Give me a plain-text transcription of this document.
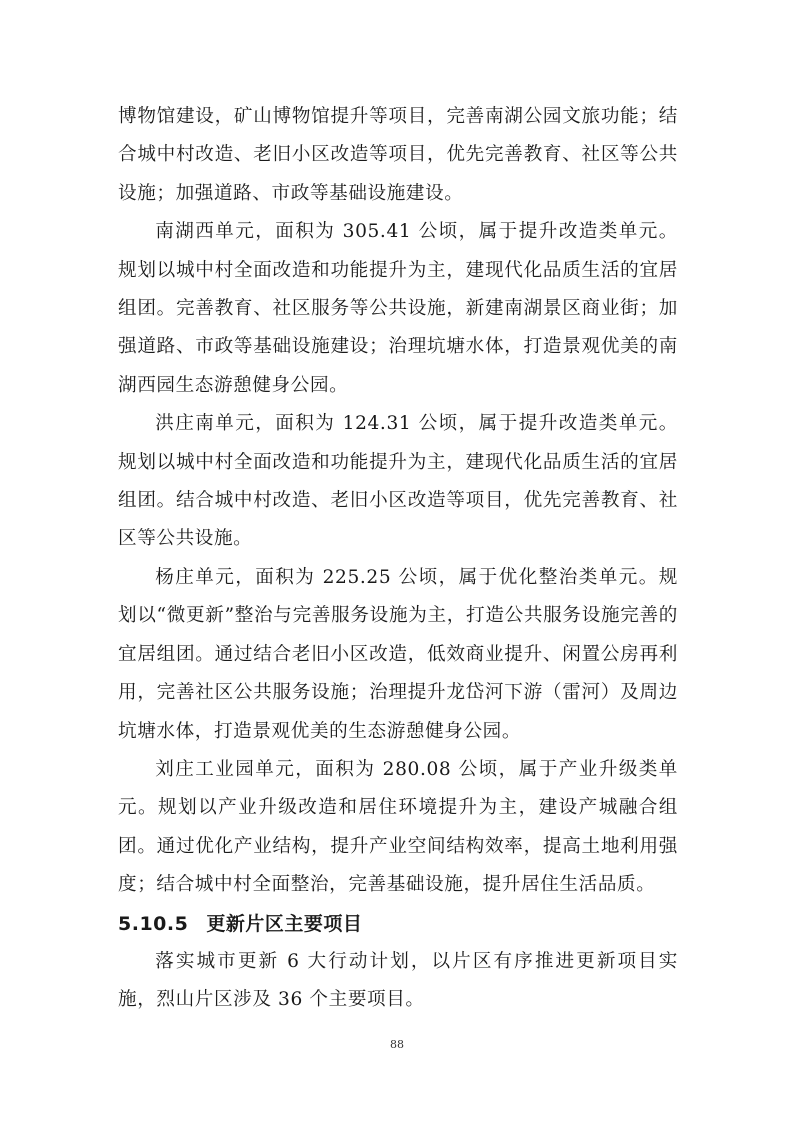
博物馆建设，矿山博物馆提升等项目，完善南湖公园文旅功能；结合城中村改造、老旧小区改造等项目，优先完善教育、社区等公共设施；加强道路、市政等基础设施建设。

南湖西单元，面积为 305.41 公顷，属于提升改造类单元。规划以城中村全面改造和功能提升为主，建现代化品质生活的宜居组团。完善教育、社区服务等公共设施，新建南湖景区商业街；加强道路、市政等基础设施建设；治理坑塘水体，打造景观优美的南湖西园生态游憩健身公园。

洪庄南单元，面积为 124.31 公顷，属于提升改造类单元。规划以城中村全面改造和功能提升为主，建现代化品质生活的宜居组团。结合城中村改造、老旧小区改造等项目，优先完善教育、社区等公共设施。

杨庄单元，面积为 225.25 公顷，属于优化整治类单元。规划以“微更新”整治与完善服务设施为主，打造公共服务设施完善的宜居组团。通过结合老旧小区改造，低效商业提升、闲置公房再利用，完善社区公共服务设施；治理提升龙岱河下游（雷河）及周边坑塘水体，打造景观优美的生态游憩健身公园。

刘庄工业园单元，面积为 280.08 公顷，属于产业升级类单元。规划以产业升级改造和居住环境提升为主，建设产城融合组团。通过优化产业结构，提升产业空间结构效率，提高土地利用强度；结合城中村全面整治，完善基础设施，提升居住生活品质。

5.10.5 更新片区主要项目

落实城市更新 6 大行动计划，以片区有序推进更新项目实施，烈山片区涉及 36 个主要项目。

88
